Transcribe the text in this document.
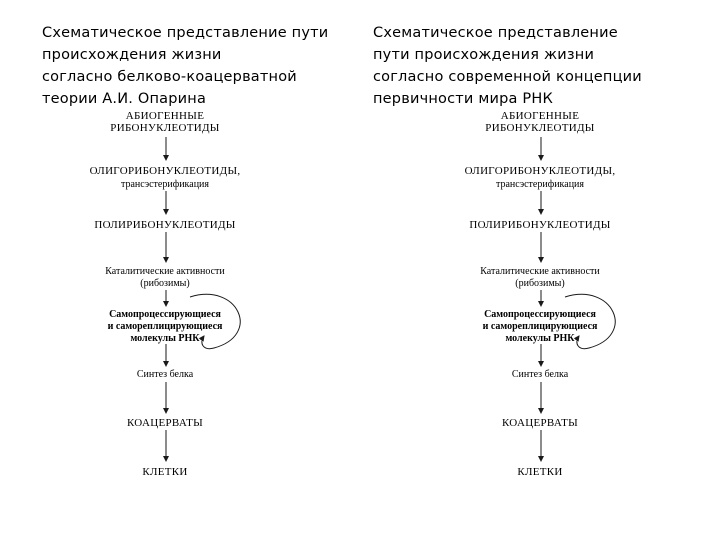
Схематическое представление пути
происхождения жизни
согласно белково-коацерватной
теории А.И. Опарина
АБИОГЕННЫЕ
РИБОНУКЛЕОТИДЫ
ОЛИГОРИБОНУКЛЕОТИДЫ,
трансэстерификация
ПОЛИРИБОНУКЛЕОТИДЫ
Каталитические активности
(рибозимы)
Самопроцессирующиеся
и самореплицирующиеся
молекулы РНК
Синтез белка
КОАЦЕРВАТЫ
КЛЕТКИ
Схематическое представление
пути происхождения жизни
согласно современной концепции
первичности мира РНК
АБИОГЕННЫЕ
РИБОНУКЛЕОТИДЫ
ОЛИГОРИБОНУКЛЕОТИДЫ,
трансэстерификация
ПОЛИРИБОНУКЛЕОТИДЫ
Каталитические активности
(рибозимы)
Самопроцессирующиеся
и самореплицирующиеся
молекулы РНК
Синтез белка
КОАЦЕРВАТЫ
КЛЕТКИ
